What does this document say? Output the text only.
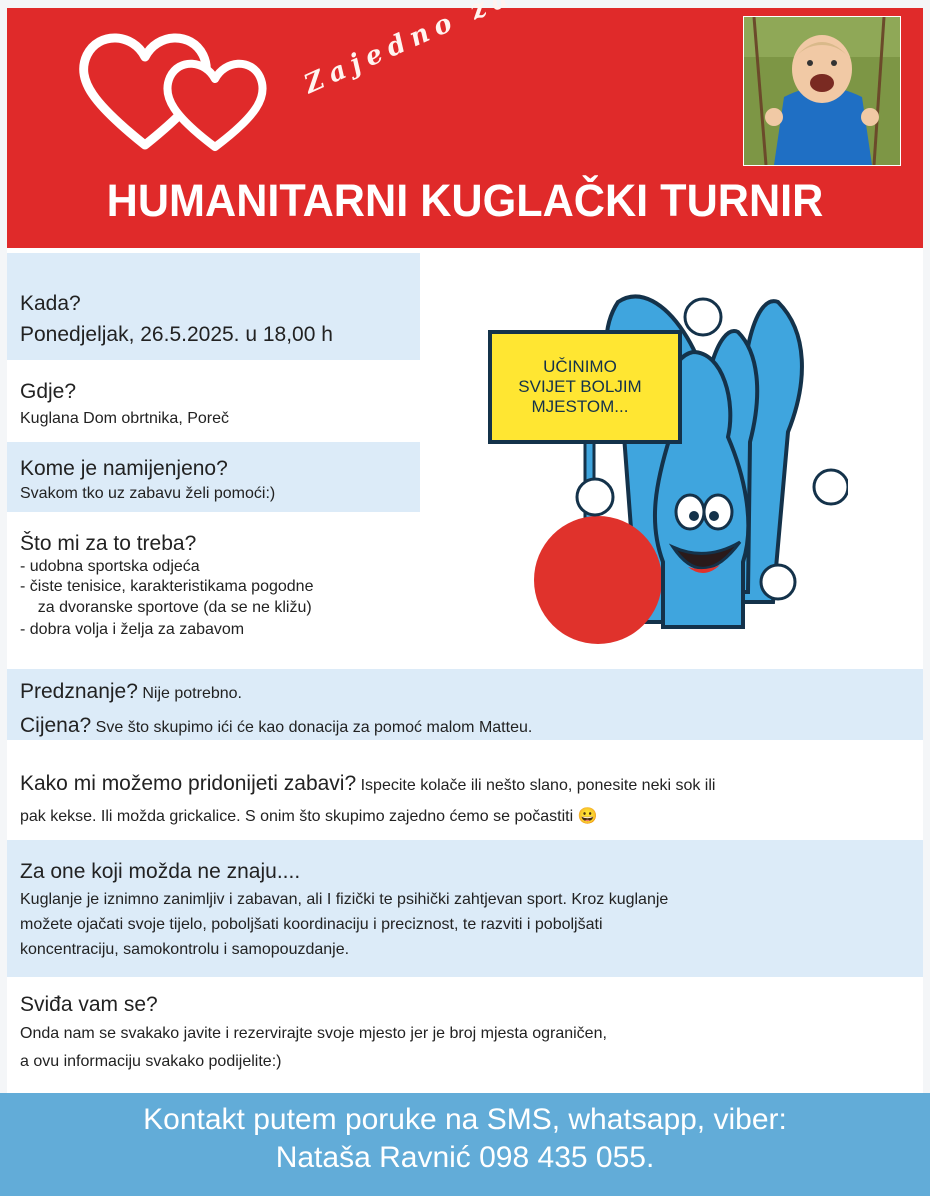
HUMANITARNI KUGLAČKI TURNIR
Kada?
Ponedjeljak, 26.5.2025. u 18,00 h
Gdje?
Kuglana Dom obrtnika, Poreč
Kome je namijenjeno?
Svakom tko uz zabavu želi pomoći:)
Što mi za to treba?
- udobna sportska odjeća
- čiste tenisice, karakteristikama pogodne
za dvoranske sportove (da se ne kližu)
- dobra volja i želja za zabavom
UČINIMO
SVIJET BOLJIM
MJESTOM...
Predznanje? Nije potrebno.
Cijena? Sve što skupimo ići će kao donacija za pomoć malom Matteu.
Kako mi možemo pridonijeti zabavi? Ispecite kolače ili nešto slano, ponesite neki sok ili
pak kekse. Ili možda grickalice. S onim što skupimo zajedno ćemo se počastiti 😀
Za one koji možda ne znaju....
Kuglanje je iznimno zanimljiv i zabavan, ali I fizički te psihički zahtjevan sport. Kroz kuglanje
možete ojačati svoje tijelo, poboljšati koordinaciju i preciznost, te razviti i poboljšati
koncentraciju, samokontrolu i samopouzdanje.
Sviđa vam se?
Onda nam se svakako javite i rezervirajte svoje mjesto jer je broj mjesta ograničen,
a ovu informaciju svakako podijelite:)
Kontakt putem poruke na SMS, whatsapp, viber:
Nataša Ravnić 098 435 055.
